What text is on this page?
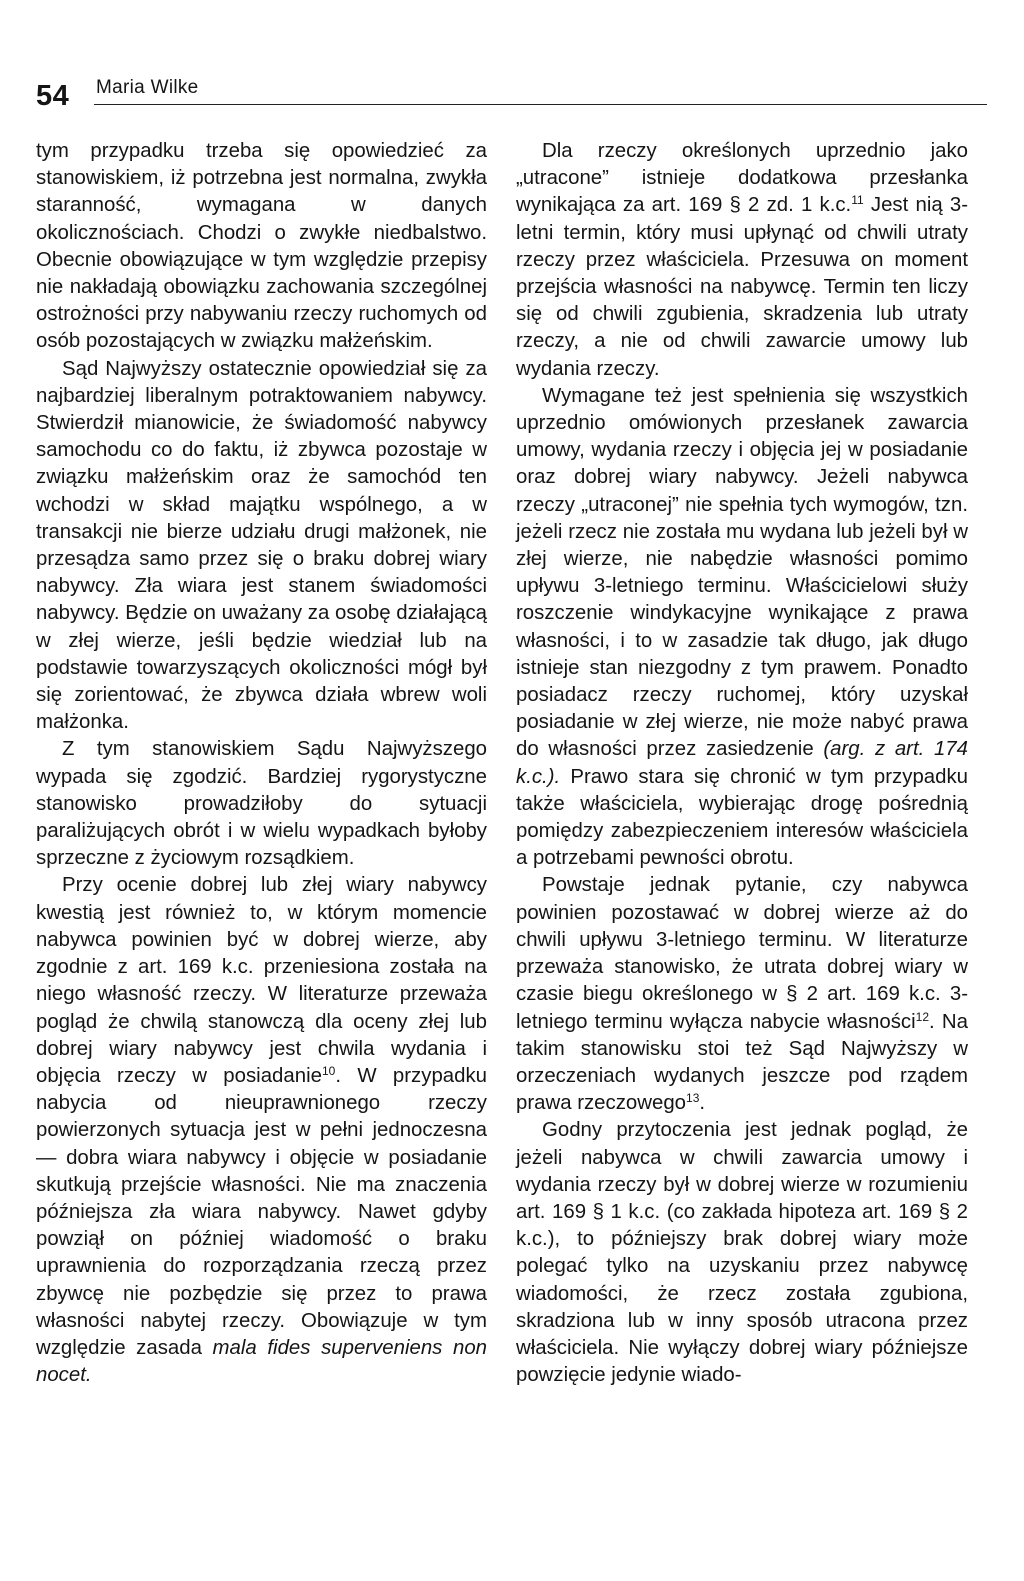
54 Maria Wilke

tym przypadku trzeba się opowiedzieć za stanowiskiem, iż potrzebna jest normalna, zwykła staranność, wymagana w danych okolicznościach. Chodzi o zwykłe niedbalstwo. Obecnie obowiązujące w tym względzie przepisy nie nakładają obowiązku zachowania szczególnej ostrożności przy nabywaniu rzeczy ruchomych od osób pozostających w związku małżeńskim.

Sąd Najwyższy ostatecznie opowiedział się za najbardziej liberalnym potraktowaniem nabywcy. Stwierdził mianowicie, że świadomość nabywcy samochodu co do faktu, iż zbywca pozostaje w związku małżeńskim oraz że samochód ten wchodzi w skład majątku wspólnego, a w transakcji nie bierze udziału drugi małżonek, nie przesądza samo przez się o braku dobrej wiary nabywcy. Zła wiara jest stanem świadomości nabywcy. Będzie on uważany za osobę działającą w złej wierze, jeśli będzie wiedział lub na podstawie towarzyszących okoliczności mógł był się zorientować, że zbywca działa wbrew woli małżonka.

Z tym stanowiskiem Sądu Najwyższego wypada się zgodzić. Bardziej rygorystyczne stanowisko prowadziłoby do sytuacji paraliżujących obrót i w wielu wypadkach byłoby sprzeczne z życiowym rozsądkiem.

Przy ocenie dobrej lub złej wiary nabywcy kwestią jest również to, w którym momencie nabywca powinien być w dobrej wierze, aby zgodnie z art. 169 k.c. przeniesiona została na niego własność rzeczy. W literaturze przeważa pogląd że chwilą stanowczą dla oceny złej lub dobrej wiary nabywcy jest chwila wydania i objęcia rzeczy w posiadanie$^{10}$. W przypadku nabycia od nieuprawnionego rzeczy powierzonych sytuacja jest w pełni jednoczesna — dobra wiara nabywcy i objęcie w posiadanie skutkują przejście własności. Nie ma znaczenia późniejsza zła wiara nabywcy. Nawet gdyby powziął on później wiadomość o braku uprawnienia do rozporządzania rzeczą przez zbywcę nie pozbędzie się przez to prawa własności nabytej rzeczy. Obowiązuje w tym względzie zasada mala fides superveniens non nocet.

Dla rzeczy określonych uprzednio jako „utracone” istnieje dodatkowa przesłanka wynikająca za art. 169 § 2 zd. 1 k.c.$^{11}$ Jest nią 3-letni termin, który musi upłynąć od chwili utraty rzeczy przez właściciela. Przesuwa on moment przejścia własności na nabywcę. Termin ten liczy się od chwili zgubienia, skradzenia lub utraty rzeczy, a nie od chwili zawarcie umowy lub wydania rzeczy.

Wymagane też jest spełnienia się wszystkich uprzednio omówionych przesłanek zawarcia umowy, wydania rzeczy i objęcia jej w posiadanie oraz dobrej wiary nabywcy. Jeżeli nabywca rzeczy „utraconej” nie spełnia tych wymogów, tzn. jeżeli rzecz nie została mu wydana lub jeżeli był w złej wierze, nie nabędzie własności pomimo upływu 3-letniego terminu. Właścicielowi służy roszczenie windykacyjne wynikające z prawa własności, i to w zasadzie tak długo, jak długo istnieje stan niezgodny z tym prawem. Ponadto posiadacz rzeczy ruchomej, który uzyskał posiadanie w złej wierze, nie może nabyć prawa do własności przez zasiedzenie (arg. z art. 174 k.c.). Prawo stara się chronić w tym przypadku także właściciela, wybierając drogę pośrednią pomiędzy zabezpieczeniem interesów właściciela a potrzebami pewności obrotu.

Powstaje jednak pytanie, czy nabywca powinien pozostawać w dobrej wierze aż do chwili upływu 3-letniego terminu. W literaturze przeważa stanowisko, że utrata dobrej wiary w czasie biegu określonego w § 2 art. 169 k.c. 3-letniego terminu wyłącza nabycie własności$^{12}$. Na takim stanowisku stoi też Sąd Najwyższy w orzeczeniach wydanych jeszcze pod rządem prawa rzeczowego$^{13}$.

Godny przytoczenia jest jednak pogląd, że jeżeli nabywca w chwili zawarcia umowy i wydania rzeczy był w dobrej wierze w rozumieniu art. 169 § 1 k.c. (co zakłada hipoteza art. 169 § 2 k.c.), to późniejszy brak dobrej wiary może polegać tylko na uzyskaniu przez nabywcę wiadomości, że rzecz została zgubiona, skradziona lub w inny sposób utracona przez właściciela. Nie wyłączy dobrej wiary późniejsze powzięcie jedynie wiado-
